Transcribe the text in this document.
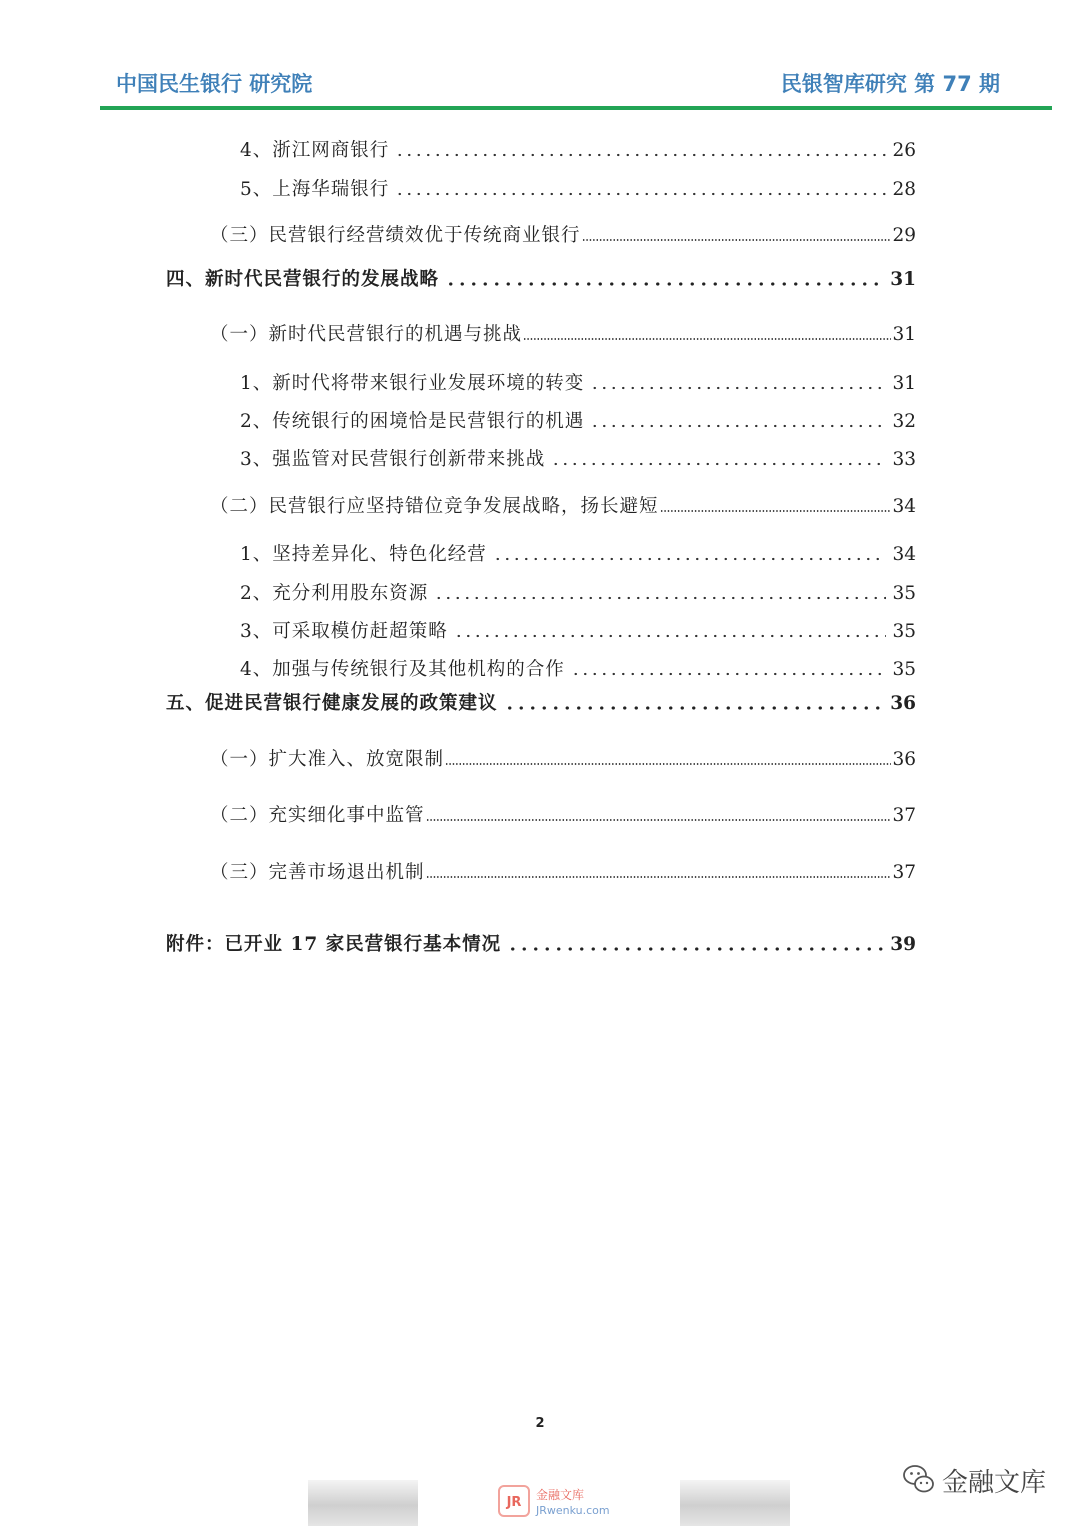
中国民生银行 研究院	民银智库研究 第 77 期
4、浙江网商银行	26
5、上海华瑞银行	28
（三）民营银行经营绩效优于传统商业银行	29
四、新时代民营银行的发展战略	31
（一）新时代民营银行的机遇与挑战	31
1、新时代将带来银行业发展环境的转变	31
2、传统银行的困境恰是民营银行的机遇	32
3、强监管对民营银行创新带来挑战	33
（二）民营银行应坚持错位竞争发展战略，扬长避短	34
1、坚持差异化、特色化经营	34
2、充分利用股东资源	35
3、可采取模仿赶超策略	35
4、加强与传统银行及其他机构的合作	35
五、促进民营银行健康发展的政策建议	36
（一）扩大准入、放宽限制	36
（二）充实细化事中监管	37
（三）完善市场退出机制	37
附件：已开业 17 家民营银行基本情况	39
2
JR	金融文库
JRwenku.com
金融文库
